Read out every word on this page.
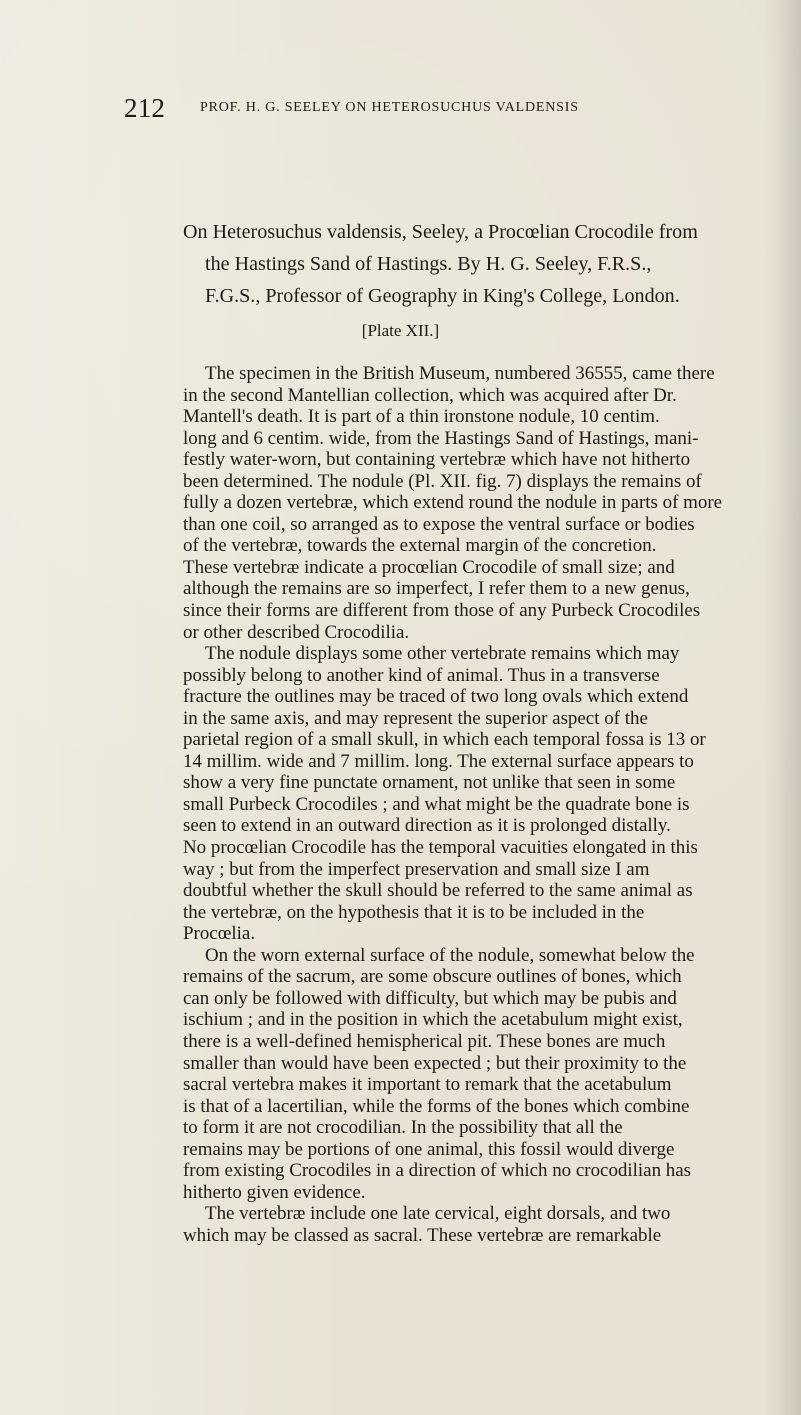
212 PROF. H. G. SEELEY ON HETEROSUCHUS VALDENSIS
On Heterosuchus valdensis, Seeley, a Procœlian Crocodile from
the Hastings Sand of Hastings. By H. G. Seeley, F.R.S.,
F.G.S., Professor of Geography in King's College, London.
[Plate XII.]
The specimen in the British Museum, numbered 36555, came there
in the second Mantellian collection, which was acquired after Dr.
Mantell's death. It is part of a thin ironstone nodule, 10 centim.
long and 6 centim. wide, from the Hastings Sand of Hastings, mani-
festly water-worn, but containing vertebræ which have not hitherto
been determined. The nodule (Pl. XII. fig. 7) displays the remains of
fully a dozen vertebræ, which extend round the nodule in parts of more
than one coil, so arranged as to expose the ventral surface or bodies
of the vertebræ, towards the external margin of the concretion.
These vertebræ indicate a procœlian Crocodile of small size; and
although the remains are so imperfect, I refer them to a new genus,
since their forms are different from those of any Purbeck Crocodiles
or other described Crocodilia.
The nodule displays some other vertebrate remains which may
possibly belong to another kind of animal. Thus in a transverse
fracture the outlines may be traced of two long ovals which extend
in the same axis, and may represent the superior aspect of the
parietal region of a small skull, in which each temporal fossa is 13 or
14 millim. wide and 7 millim. long. The external surface appears to
show a very fine punctate ornament, not unlike that seen in some
small Purbeck Crocodiles ; and what might be the quadrate bone is
seen to extend in an outward direction as it is prolonged distally.
No procœlian Crocodile has the temporal vacuities elongated in this
way ; but from the imperfect preservation and small size I am
doubtful whether the skull should be referred to the same animal as
the vertebræ, on the hypothesis that it is to be included in the
Procœlia.
On the worn external surface of the nodule, somewhat below the
remains of the sacrum, are some obscure outlines of bones, which
can only be followed with difficulty, but which may be pubis and
ischium ; and in the position in which the acetabulum might exist,
there is a well-defined hemispherical pit. These bones are much
smaller than would have been expected ; but their proximity to the
sacral vertebra makes it important to remark that the acetabulum
is that of a lacertilian, while the forms of the bones which combine
to form it are not crocodilian. In the possibility that all the
remains may be portions of one animal, this fossil would diverge
from existing Crocodiles in a direction of which no crocodilian has
hitherto given evidence.
The vertebræ include one late cervical, eight dorsals, and two
which may be classed as sacral. These vertebræ are remarkable
